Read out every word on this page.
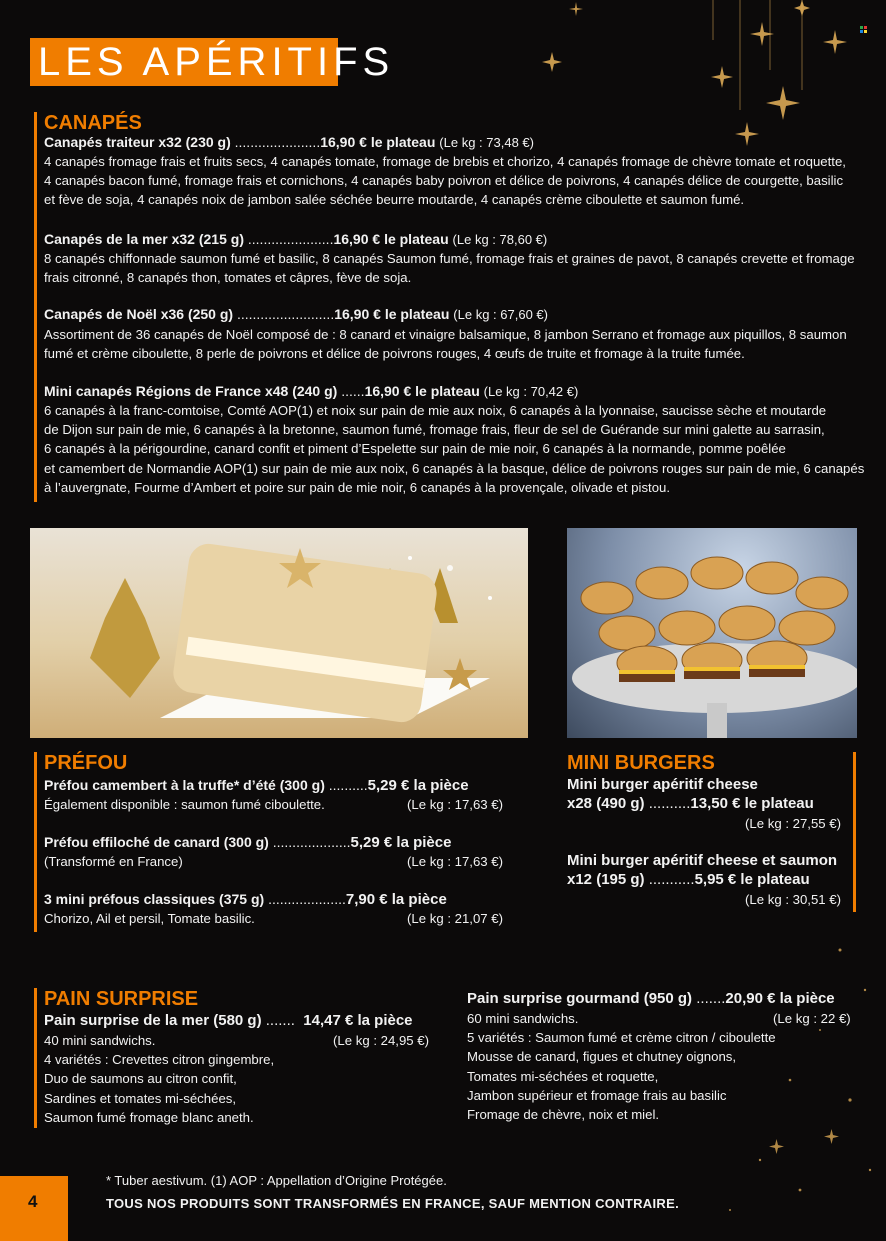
LES APÉRITIFS
CANAPÉS
Canapés traiteur x32 (230 g) ......................16,90 € le plateau (Le kg : 73,48 €)
4 canapés fromage frais et fruits secs, 4 canapés tomate, fromage de brebis et chorizo, 4 canapés fromage de chèvre tomate et roquette,
4 canapés bacon fumé, fromage frais et cornichons, 4 canapés baby poivron et délice de poivrons, 4 canapés délice de courgette, basilic
et fève de soja, 4 canapés noix de jambon salée séchée beurre moutarde, 4 canapés crème ciboulette et saumon fumé.
Canapés de la mer x32 (215 g) ......................16,90 € le plateau (Le kg : 78,60 €)
8 canapés chiffonnade saumon fumé et basilic, 8 canapés Saumon fumé, fromage frais et graines de pavot, 8 canapés crevette et fromage
frais citronné, 8 canapés thon, tomates et câpres, fève de soja.
Canapés de Noël x36 (250 g) .........................16,90 € le plateau (Le kg : 67,60 €)
Assortiment de 36 canapés de Noël composé de : 8 canard et vinaigre balsamique, 8 jambon Serrano et fromage aux piquillos, 8 saumon
fumé et crème ciboulette, 8 perle de poivrons et délice de poivrons rouges, 4 œufs de truite et fromage à la truite fumée.
Mini canapés Régions de France x48 (240 g) ......16,90 € le plateau (Le kg : 70,42 €)
6 canapés à la franc-comtoise, Comté AOP(1) et noix sur pain de mie aux noix, 6 canapés à la lyonnaise, saucisse sèche et moutarde
de Dijon sur pain de mie, 6 canapés à la bretonne, saumon fumé, fromage frais, fleur de sel de Guérande sur mini galette au sarrasin,
6 canapés à la périgourdine, canard confit et piment d’Espelette sur pain de mie noir, 6 canapés à la normande, pomme poêlée
et camembert de Normandie AOP(1) sur pain de mie aux noix, 6 canapés à la basque, délice de poivrons rouges sur pain de mie, 6 canapés
à l’auvergnate, Fourme d’Ambert et poire sur pain de mie noir, 6 canapés à la provençale, olivade et pistou.
PRÉFOU
Préfou camembert à la truffe* d’été (300 g) ..........5,29 € la pièce
Également disponible : saumon fumé ciboulette.	(Le kg : 17,63 €)
Préfou effiloché de canard (300 g) ....................5,29 € la pièce
(Transformé en France)	(Le kg : 17,63 €)
3 mini préfous classiques (375 g) ....................7,90 € la pièce
Chorizo, Ail et persil, Tomate basilic.	(Le kg : 21,07 €)
MINI BURGERS
Mini burger apéritif cheese
x28 (490 g) ..........13,50 € le plateau
(Le kg : 27,55 €)
Mini burger apéritif cheese et saumon
x12 (195 g) ...........5,95 € le plateau
(Le kg : 30,51 €)
PAIN SURPRISE
Pain surprise de la mer (580 g) ....... 14,47 € la pièce
(Le kg : 24,95 €)
40 mini sandwichs.
4 variétés : Crevettes citron gingembre,
Duo de saumons au citron confit,
Sardines et tomates mi-séchées,
Saumon fumé fromage blanc aneth.
Pain surprise gourmand (950 g) .......20,90 € la pièce
(Le kg : 22 €)
60 mini sandwichs.
5 variétés : Saumon fumé et crème citron / ciboulette
Mousse de canard, figues et chutney oignons,
Tomates mi-séchées et roquette,
Jambon supérieur et fromage frais au basilic
Fromage de chèvre, noix et miel.
* Tuber aestivum. (1) AOP : Appellation d’Origine Protégée.
4	TOUS NOS PRODUITS SONT TRANSFORMÉS EN FRANCE, SAUF MENTION CONTRAIRE.
